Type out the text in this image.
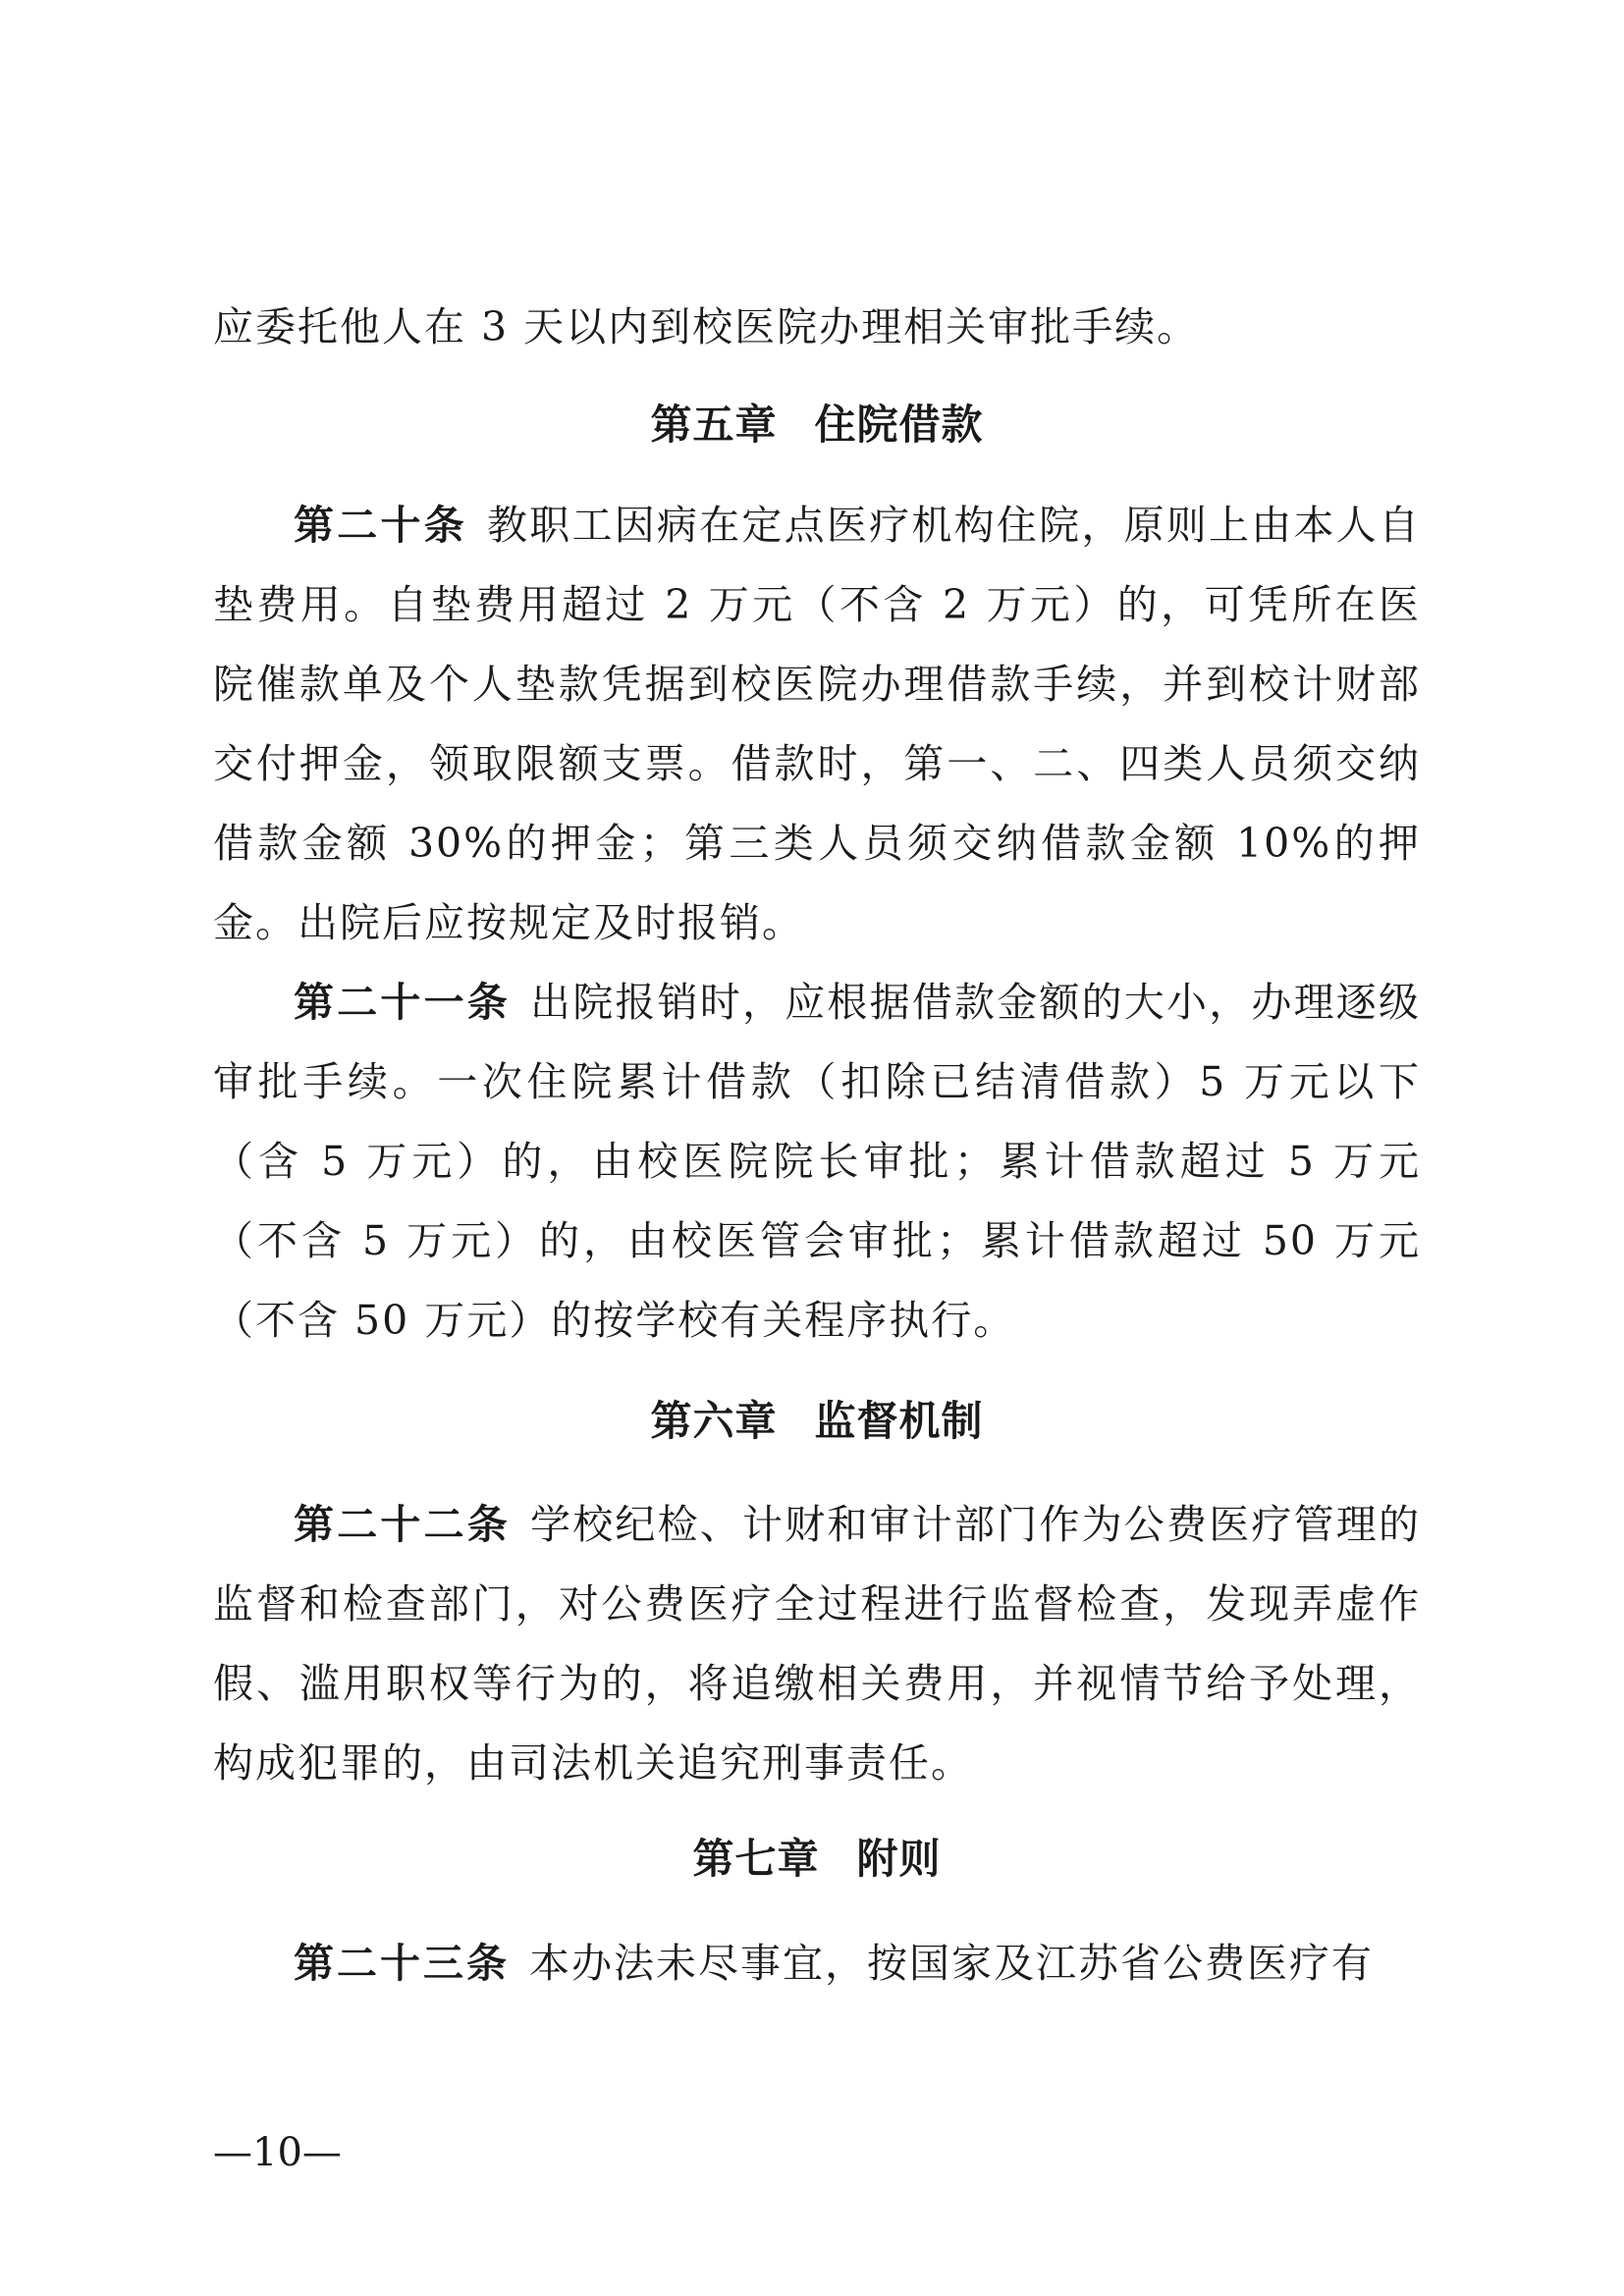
应委托他人在 3 天以内到校医院办理相关审批手续。

第五章 住院借款

第二十条 教职工因病在定点医疗机构住院，原则上由本人自垫费用。自垫费用超过 2 万元（不含 2 万元）的，可凭所在医院催款单及个人垫款凭据到校医院办理借款手续，并到校计财部交付押金，领取限额支票。借款时，第一、二、四类人员须交纳借款金额 30%的押金；第三类人员须交纳借款金额 10%的押金。出院后应按规定及时报销。

第二十一条 出院报销时，应根据借款金额的大小，办理逐级审批手续。一次住院累计借款（扣除已结清借款）5 万元以下（含 5 万元）的，由校医院院长审批；累计借款超过 5 万元（不含 5 万元）的，由校医管会审批；累计借款超过 50 万元（不含 50 万元）的按学校有关程序执行。

第六章 监督机制

第二十二条 学校纪检、计财和审计部门作为公费医疗管理的监督和检查部门，对公费医疗全过程进行监督检查，发现弄虚作假、滥用职权等行为的，将追缴相关费用，并视情节给予处理，构成犯罪的，由司法机关追究刑事责任。

第七章 附则

第二十三条 本办法未尽事宜，按国家及江苏省公费医疗有

—10—
